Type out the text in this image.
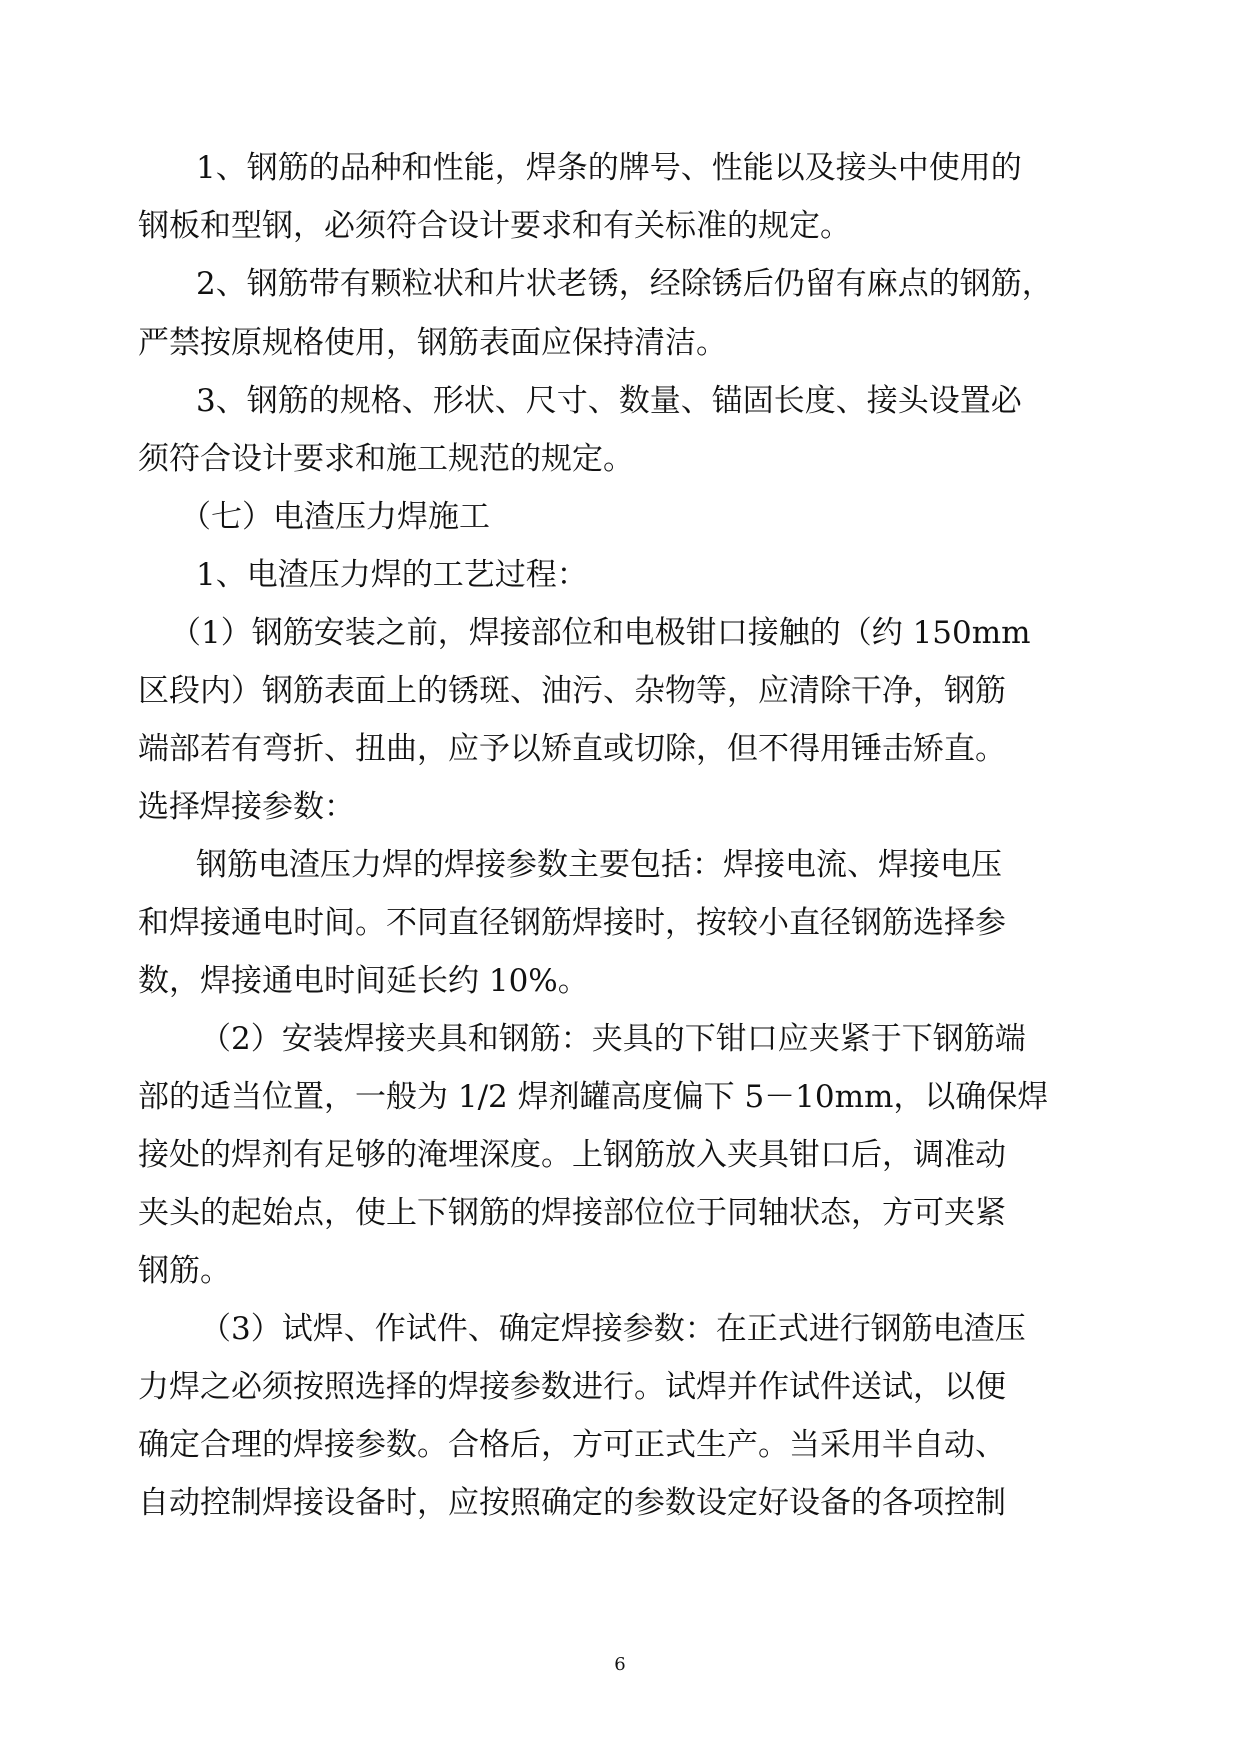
1、钢筋的品种和性能，焊条的牌号、性能以及接头中使用的
钢板和型钢，必须符合设计要求和有关标准的规定。
2、钢筋带有颗粒状和片状老锈，经除锈后仍留有麻点的钢筋，
严禁按原规格使用，钢筋表面应保持清洁。
3、钢筋的规格、形状、尺寸、数量、锚固长度、接头设置必
须符合设计要求和施工规范的规定。
（七）电渣压力焊施工
1、电渣压力焊的工艺过程：
（1）钢筋安装之前，焊接部位和电极钳口接触的（约 150mm
区段内）钢筋表面上的锈斑、油污、杂物等，应清除干净，钢筋
端部若有弯折、扭曲，应予以矫直或切除，但不得用锤击矫直。
选择焊接参数：
钢筋电渣压力焊的焊接参数主要包括：焊接电流、焊接电压
和焊接通电时间。不同直径钢筋焊接时，按较小直径钢筋选择参
数，焊接通电时间延长约 10%。
（2）安装焊接夹具和钢筋：夹具的下钳口应夹紧于下钢筋端
部的适当位置，一般为 1/2 焊剂罐高度偏下 5－10mm，以确保焊
接处的焊剂有足够的淹埋深度。上钢筋放入夹具钳口后，调准动
夹头的起始点，使上下钢筋的焊接部位位于同轴状态，方可夹紧
钢筋。
（3）试焊、作试件、确定焊接参数：在正式进行钢筋电渣压
力焊之必须按照选择的焊接参数进行。试焊并作试件送试，以便
确定合理的焊接参数。合格后，方可正式生产。当采用半自动、
自动控制焊接设备时，应按照确定的参数设定好设备的各项控制
6
